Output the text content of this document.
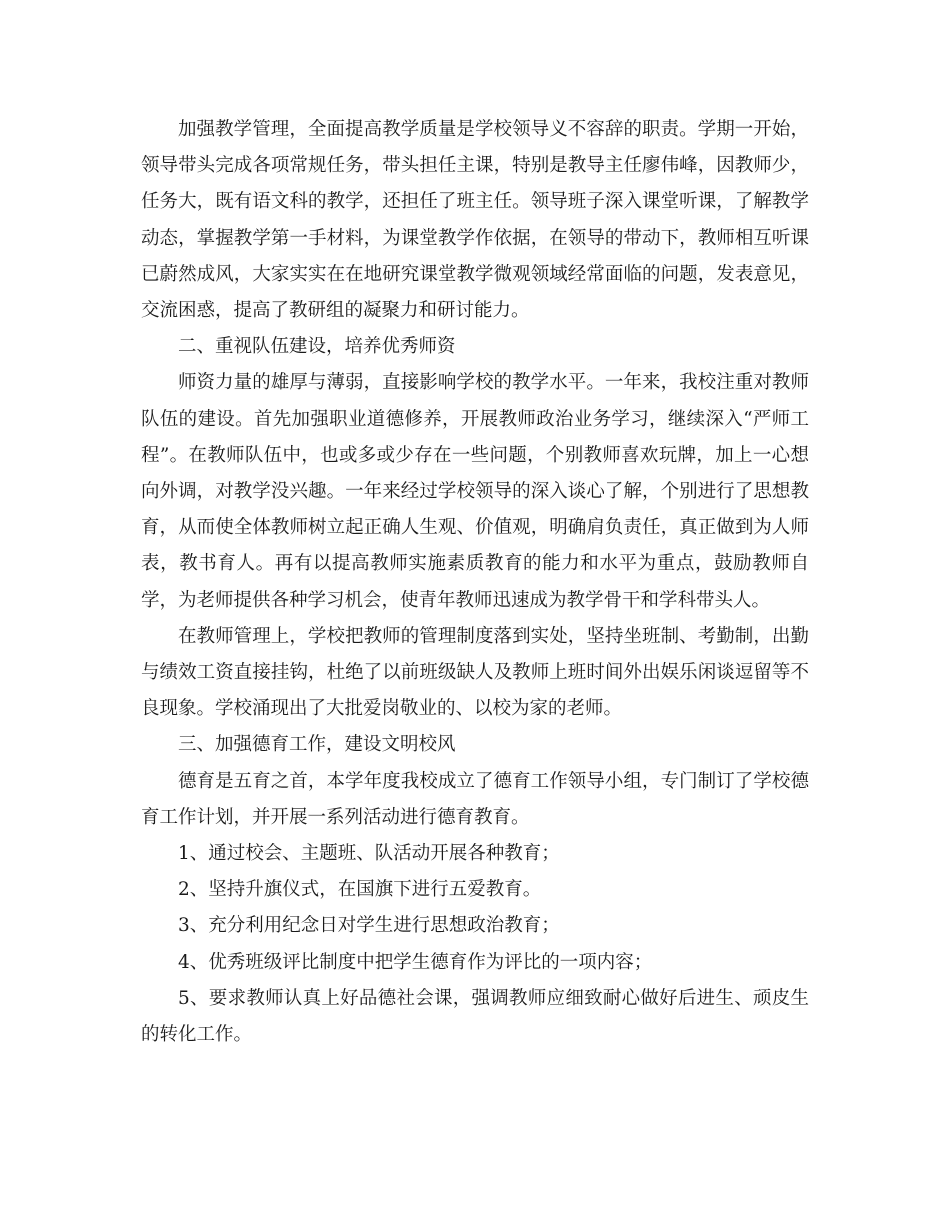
加强教学管理，全面提高教学质量是学校领导义不容辞的职责。学期一开始，领导带头完成各项常规任务，带头担任主课，特别是教导主任廖伟峰，因教师少，任务大，既有语文科的教学，还担任了班主任。领导班子深入课堂听课，了解教学动态，掌握教学第一手材料，为课堂教学作依据，在领导的带动下，教师相互听课已蔚然成风，大家实实在在地研究课堂教学微观领域经常面临的问题，发表意见，交流困惑，提高了教研组的凝聚力和研讨能力。

二、重视队伍建设，培养优秀师资

师资力量的雄厚与薄弱，直接影响学校的教学水平。一年来，我校注重对教师队伍的建设。首先加强职业道德修养，开展教师政治业务学习，继续深入“严师工程”。在教师队伍中，也或多或少存在一些问题，个别教师喜欢玩牌，加上一心想向外调，对教学没兴趣。一年来经过学校领导的深入谈心了解，个别进行了思想教育，从而使全体教师树立起正确人生观、价值观，明确肩负责任，真正做到为人师表，教书育人。再有以提高教师实施素质教育的能力和水平为重点，鼓励教师自学，为老师提供各种学习机会，使青年教师迅速成为教学骨干和学科带头人。

在教师管理上，学校把教师的管理制度落到实处，坚持坐班制、考勤制，出勤与绩效工资直接挂钩，杜绝了以前班级缺人及教师上班时间外出娱乐闲谈逗留等不良现象。学校涌现出了大批爱岗敬业的、以校为家的老师。

三、加强德育工作，建设文明校风

德育是五育之首，本学年度我校成立了德育工作领导小组，专门制订了学校德育工作计划，并开展一系列活动进行德育教育。

1、通过校会、主题班、队活动开展各种教育；

2、坚持升旗仪式，在国旗下进行五爱教育。

3、充分利用纪念日对学生进行思想政治教育；

4、优秀班级评比制度中把学生德育作为评比的一项内容；

5、要求教师认真上好品德社会课，强调教师应细致耐心做好后进生、顽皮生的转化工作。
